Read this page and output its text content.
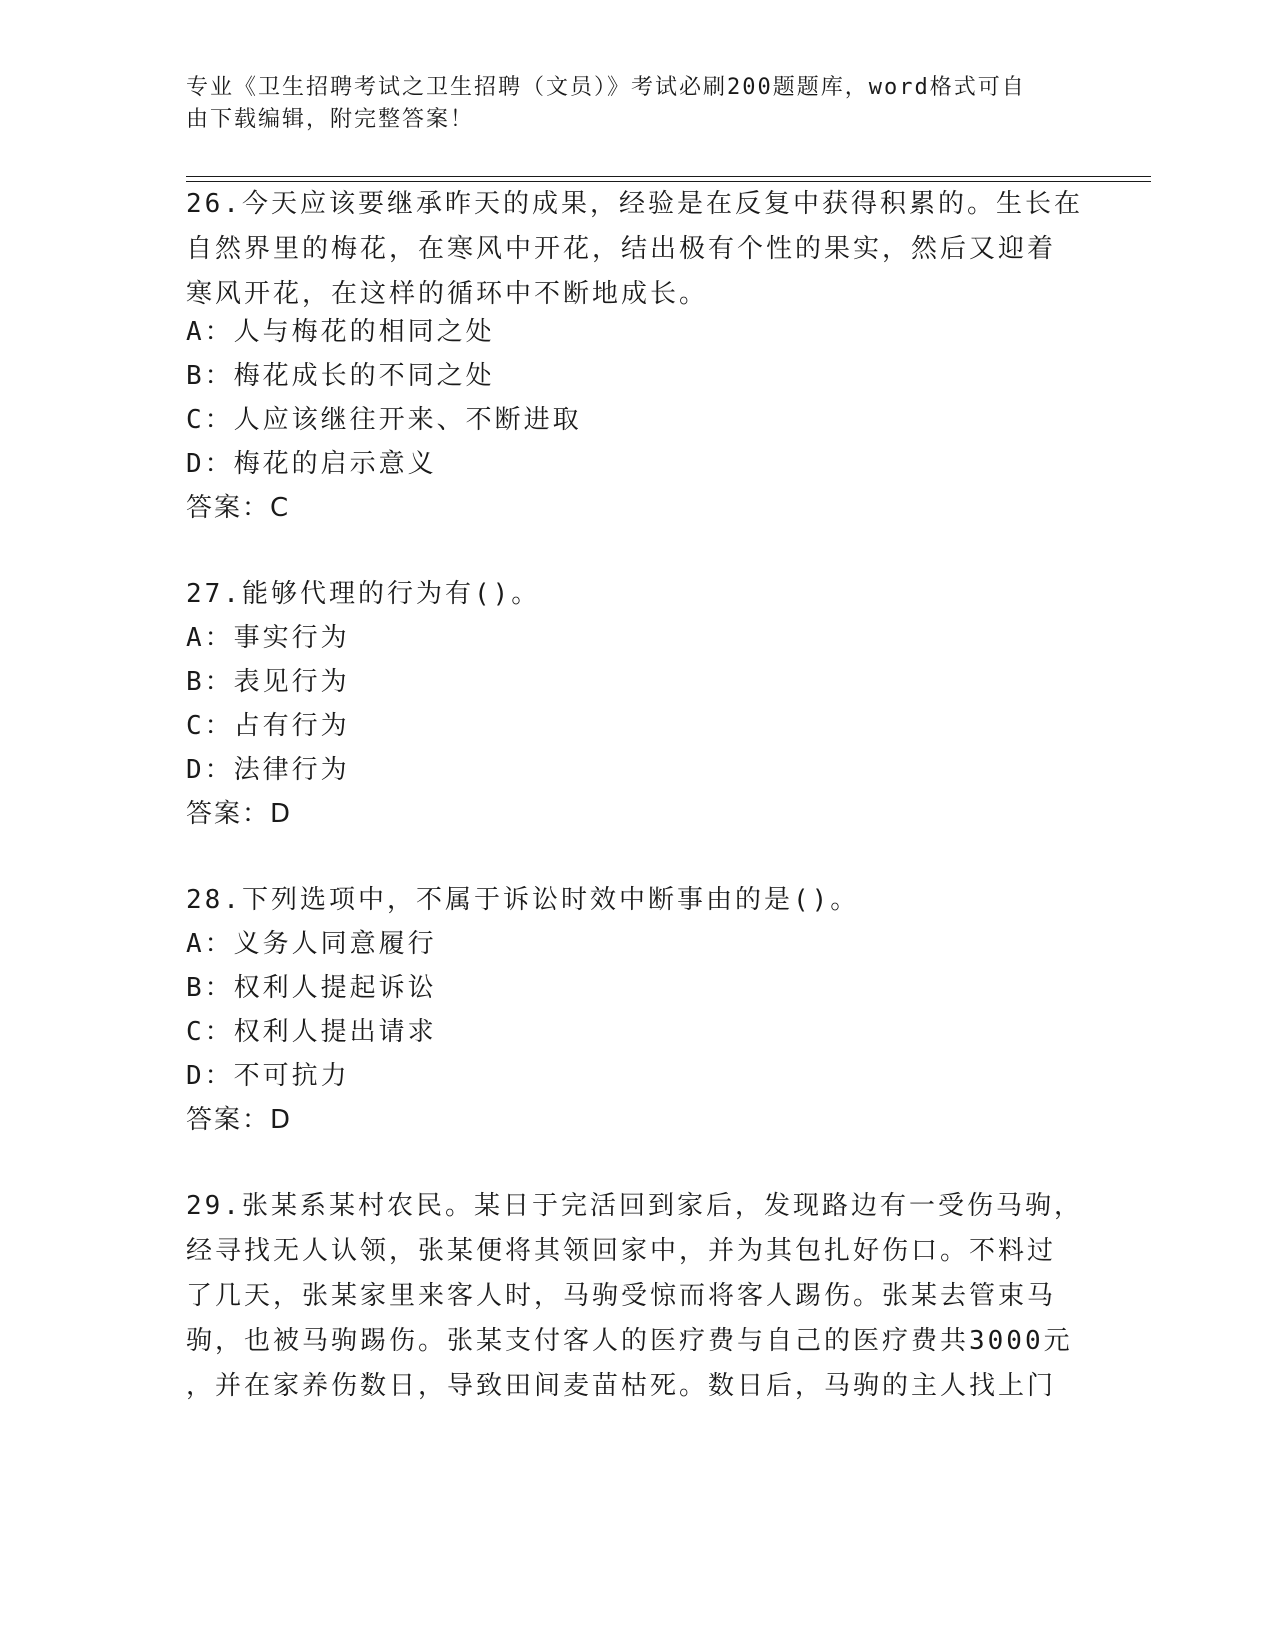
专业《卫生招聘考试之卫生招聘（文员）》考试必刷200题题库，word格式可自
由下载编辑，附完整答案！
26.今天应该要继承昨天的成果，经验是在反复中获得积累的。生长在
自然界里的梅花，在寒风中开花，结出极有个性的果实，然后又迎着
寒风开花，在这样的循环中不断地成长。
A：人与梅花的相同之处
B：梅花成长的不同之处
C：人应该继往开来、不断进取
D：梅花的启示意义
答案：C
27.能够代理的行为有()。
A：事实行为
B：表见行为
C：占有行为
D：法律行为
答案：D
28.下列选项中，不属于诉讼时效中断事由的是()。
A：义务人同意履行
B：权利人提起诉讼
C：权利人提出请求
D：不可抗力
答案：D
29.张某系某村农民。某日于完活回到家后，发现路边有一受伤马驹，
经寻找无人认领，张某便将其领回家中，并为其包扎好伤口。不料过
了几天，张某家里来客人时，马驹受惊而将客人踢伤。张某去管束马
驹，也被马驹踢伤。张某支付客人的医疗费与自己的医疗费共3000元
，并在家养伤数日，导致田间麦苗枯死。数日后，马驹的主人找上门
